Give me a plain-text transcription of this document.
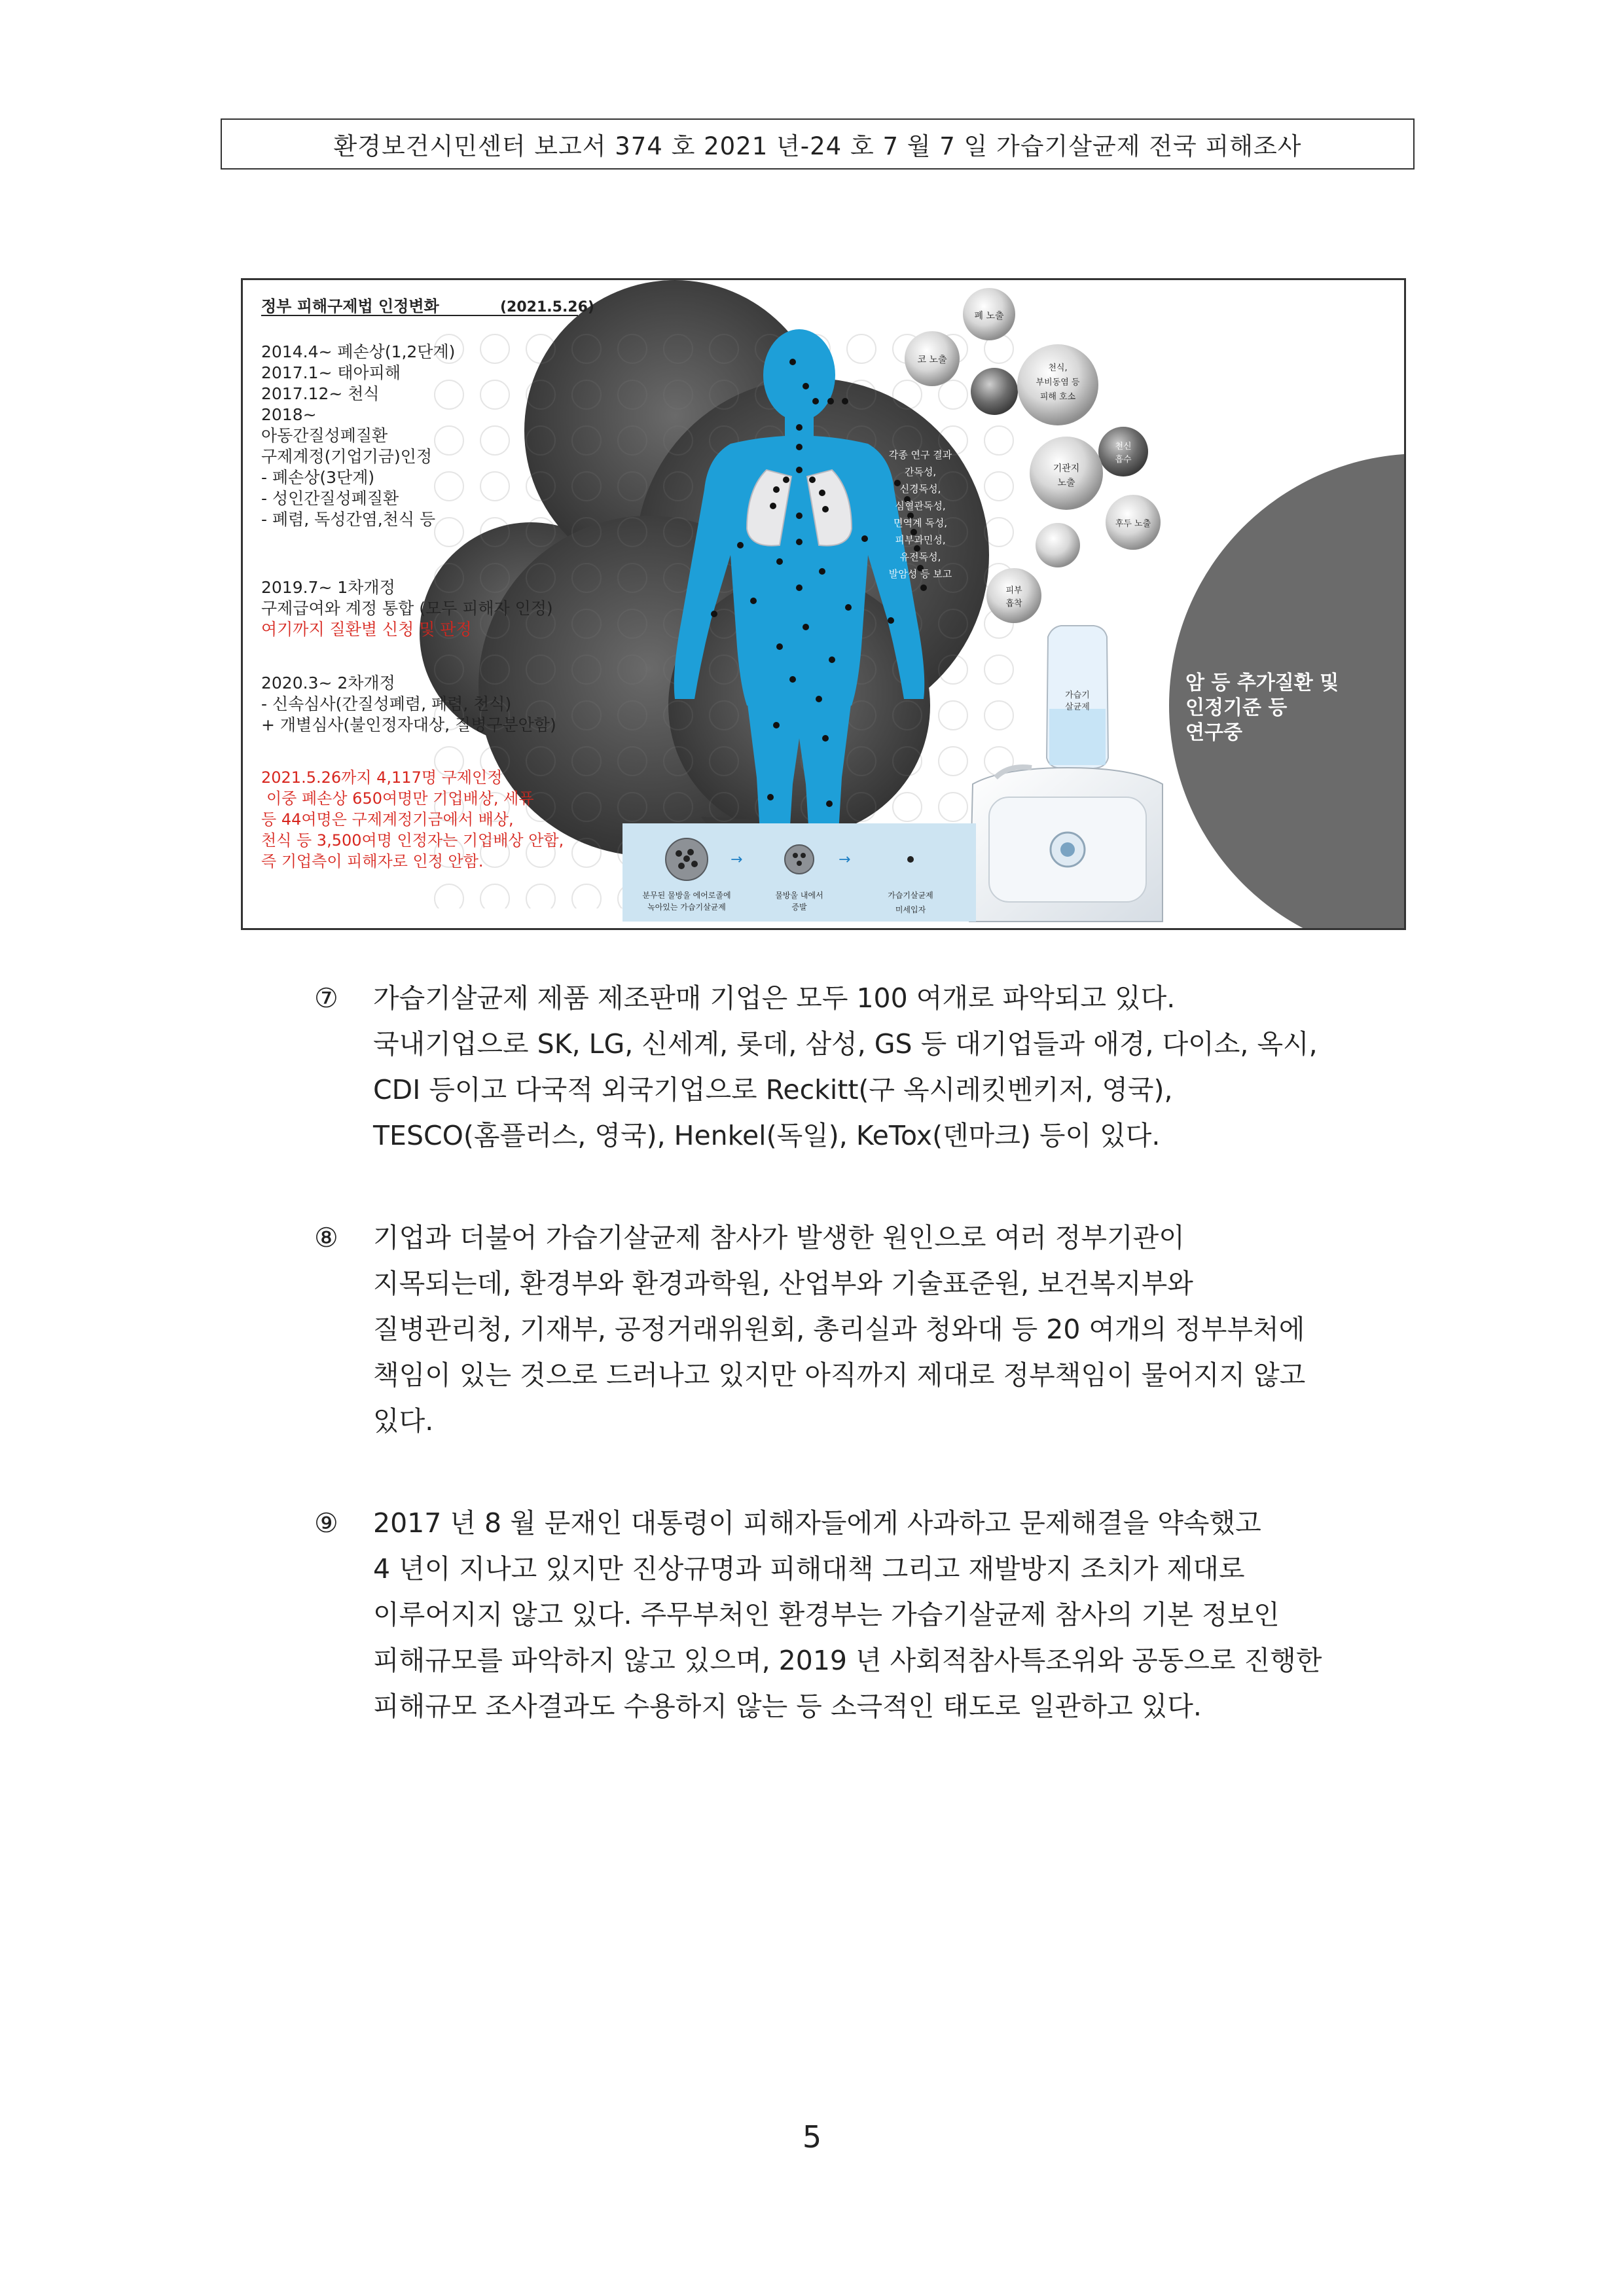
환경보건시민센터 보고서 374 호 2021 년-24 호 7 월 7 일 가습기살균제 전국 피해조사
정부 피해구제법 인정변화	(2021.5.26)
2014.4~ 폐손상(1,2단계)
2017.1~ 태아피해
2017.12~ 천식
2018~
아동간질성폐질환
구제계정(기업기금)인정
- 폐손상(3단계)
- 성인간질성폐질환
- 폐렴, 독성간염,천식 등
2019.7~ 1차개정
구제급여와 계정 통합 (모두 피해자 인정)
여기까지 질환별 신청 및 판정
2020.3~ 2차개정
- 신속심사(간질성폐렴, 폐렴, 천식)
+ 개별심사(불인정자대상, 질병구분안함)
2021.5.26까지 4,117명 구제인정
이중 폐손상 650여명만 기업배상, 세퓨
등 44여명은 구제계정기금에서 배상,
천식 등 3,500여명 인정자는 기업배상 안함,
즉 기업측이 피해자로 인정 안함.
폐 노출
코 노출
천식,
부비동염 등
피해 호소
천신
흡수
기관지
노출
후두 노출
피부
흡착
각종 연구 결과
간독성,
신경독성,
심혈관독성,
면역계 독성,
피부과민성,
유전독성,
발암성 등 보고
암 등 추가질환 및
인정기준 등
연구중
가습기
살균제
→	→
분무된 물방울 에어로졸에
녹아있는 가습기살균제
물방울 내에서
증발
가습기살균제
미세입자
⑦	가습기살균제 제품 제조판매 기업은 모두 100 여개로 파악되고 있다.

국내기업으로 SK, LG, 신세계, 롯데, 삼성, GS 등 대기업들과 애경, 다이소, 옥시,

CDI 등이고 다국적 외국기업으로 Reckitt(구 옥시레킷벤키저, 영국),

TESCO(홈플러스, 영국), Henkel(독일), KeTox(덴마크) 등이 있다.

⑧	기업과 더불어 가습기살균제 참사가 발생한 원인으로 여러 정부기관이

지목되는데, 환경부와 환경과학원, 산업부와 기술표준원, 보건복지부와

질병관리청, 기재부, 공정거래위원회, 총리실과 청와대 등 20 여개의 정부부처에

책임이 있는 것으로 드러나고 있지만 아직까지 제대로 정부책임이 물어지지 않고

있다.

⑨	2017 년 8 월 문재인 대통령이 피해자들에게 사과하고 문제해결을 약속했고

4 년이 지나고 있지만 진상규명과 피해대책 그리고 재발방지 조치가 제대로

이루어지지 않고 있다. 주무부처인 환경부는 가습기살균제 참사의 기본 정보인

피해규모를 파악하지 않고 있으며, 2019 년 사회적참사특조위와 공동으로 진행한

피해규모 조사결과도 수용하지 않는 등 소극적인 태도로 일관하고 있다.

5
